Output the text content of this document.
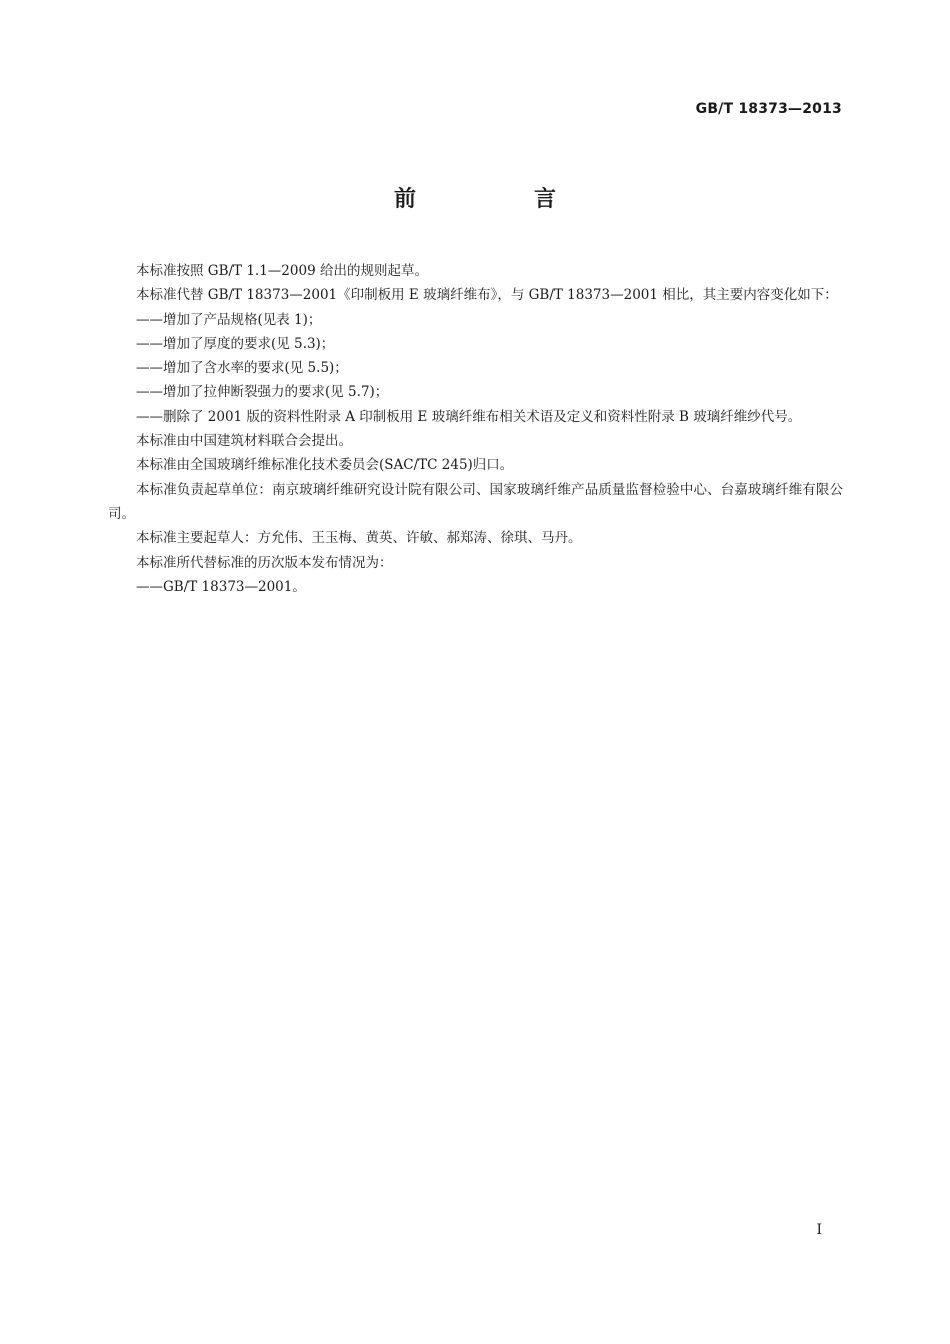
GB/T 18373—2013
前　言
本标准按照 GB/T 1.1—2009 给出的规则起草。
本标准代替 GB/T 18373—2001《印制板用 E 玻璃纤维布》，与 GB/T 18373—2001 相比，其主要内容变化如下：
——增加了产品规格(见表 1)；
——增加了厚度的要求(见 5.3)；
——增加了含水率的要求(见 5.5)；
——增加了拉伸断裂强力的要求(见 5.7)；
——删除了 2001 版的资料性附录 A 印制板用 E 玻璃纤维布相关术语及定义和资料性附录 B 玻璃纤维纱代号。
本标准由中国建筑材料联合会提出。
本标准由全国玻璃纤维标准化技术委员会(SAC/TC 245)归口。
本标准负责起草单位：南京玻璃纤维研究设计院有限公司、国家玻璃纤维产品质量监督检验中心、台嘉玻璃纤维有限公司。
本标准主要起草人：方允伟、王玉梅、黄英、许敏、郝郑涛、徐琪、马丹。
本标准所代替标准的历次版本发布情况为：
——GB/T 18373—2001。
I
